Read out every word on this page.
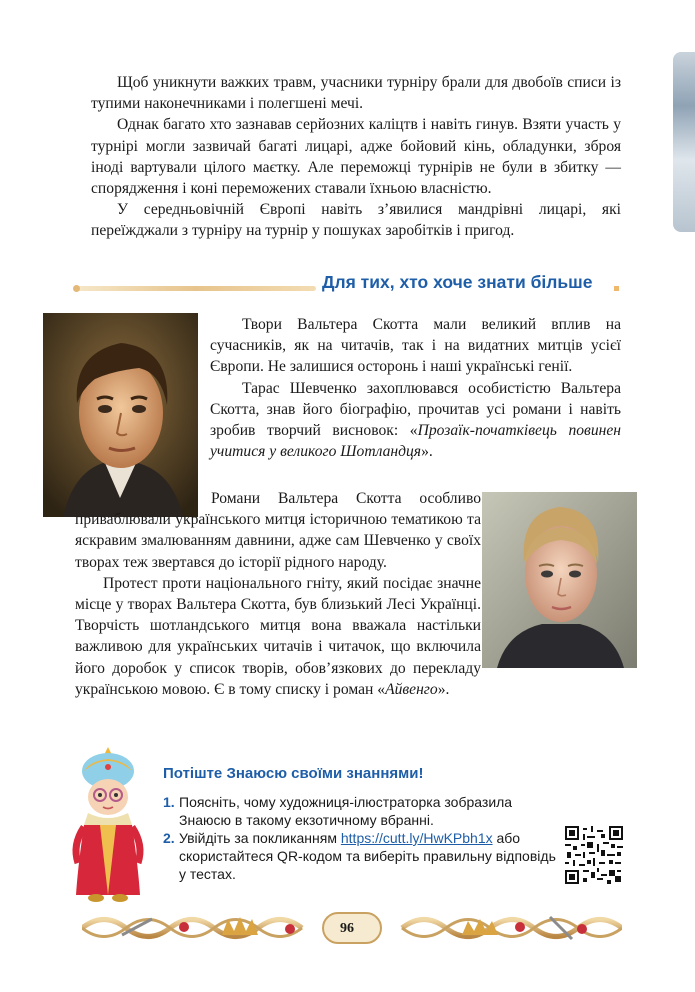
Щоб уникнути важких травм, учасники турніру брали для двобоїв списи із тупими наконечниками і полегшені мечі.

Однак багато хто зазнавав серйозних каліцтв і навіть гинув. Взяти участь у турнірі могли зазвичай багаті лицарі, адже бойовий кінь, обладунки, зброя іноді вартували цілого маєтку. Але переможці турнірів не були в збитку — спорядження і коні переможених ставали їхньою власністю.

У середньовічній Європі навіть з’явилися мандрівні лицарі, які переїжджали з турніру на турнір у пошуках заробітків і пригод.

Для тих, хто хоче знати більше

Твори Вальтера Скотта мали великий вплив на сучасників, як на читачів, так і на видатних митців усієї Європи. Не залишися осторонь і наші українські генії.

Тарас Шевченко захоплювався особистістю Вальтера Скотта, знав його біографію, прочитав усі романи і навіть зробив творчий висновок: «Прозаїк-початківець повинен учитися у великого Шотландця».

Романи Вальтера Скотта особливо приваблювали українського митця історичною тематикою та яскравим змалюванням давнини, адже сам Шевченко у своїх творах теж звертався до історії рідного народу.

Протест проти національного гніту, який посідає значне місце у творах Вальтера Скотта, був близький Лесі Українці. Творчість шотландського митця вона вважала настільки важливою для українських читачів і читачок, що включила його доробок у список творів, обов’язкових до перекладу українською мовою. Є в тому списку і роман «Айвенго».

Потіште Знаюсю своїми знаннями!
1. Поясніть, чому художниця-ілюстраторка зобразила Знаюсю в такому екзотичному вбранні.
2. Увійдіть за покликанням https://cutt.ly/HwKPbh1x або скористайтеся QR-кодом та виберіть правильну відповідь у тестах.
96
